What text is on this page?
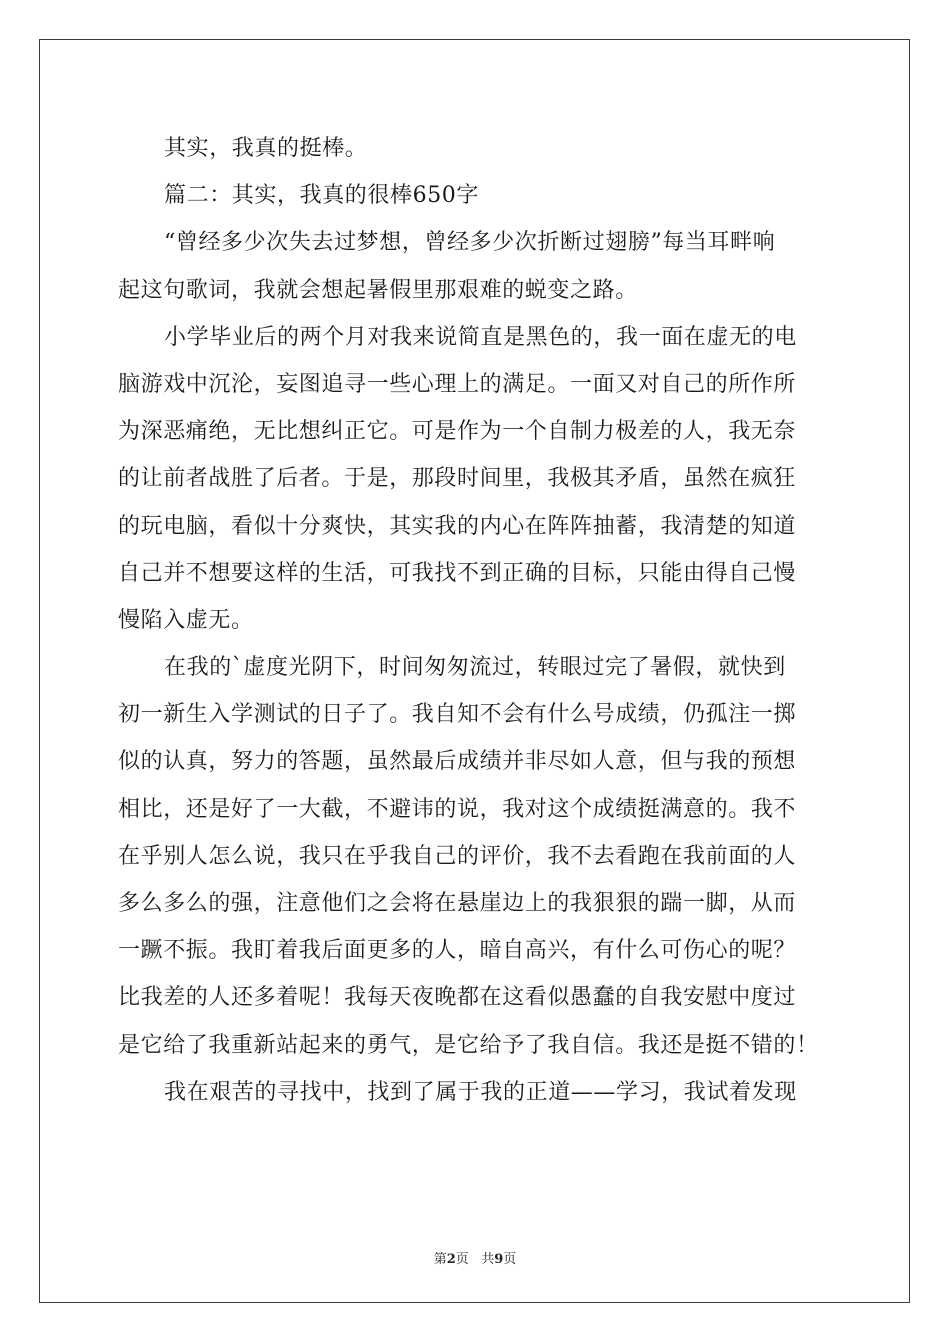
其实，我真的挺棒。
篇二：其实，我真的很棒650字
“曾经多少次失去过梦想，曾经多少次折断过翅膀”每当耳畔响
起这句歌词，我就会想起暑假里那艰难的蜕变之路。
小学毕业后的两个月对我来说简直是黑色的，我一面在虚无的电
脑游戏中沉沦，妄图追寻一些心理上的满足。一面又对自己的所作所
为深恶痛绝，无比想纠正它。可是作为一个自制力极差的人，我无奈
的让前者战胜了后者。于是，那段时间里，我极其矛盾，虽然在疯狂
的玩电脑，看似十分爽快，其实我的内心在阵阵抽蓄，我清楚的知道
自己并不想要这样的生活，可我找不到正确的目标，只能由得自己慢
慢陷入虚无。
在我的`虚度光阴下，时间匆匆流过，转眼过完了暑假，就快到
初一新生入学测试的日子了。我自知不会有什么号成绩，仍孤注一掷
似的认真，努力的答题，虽然最后成绩并非尽如人意，但与我的预想
相比，还是好了一大截，不避讳的说，我对这个成绩挺满意的。我不
在乎别人怎么说，我只在乎我自己的评价，我不去看跑在我前面的人
多么多么的强，注意他们之会将在悬崖边上的我狠狠的踹一脚，从而
一蹶不振。我盯着我后面更多的人，暗自高兴，有什么可伤心的呢？
比我差的人还多着呢！我每天夜晚都在这看似愚蠢的自我安慰中度过
是它给了我重新站起来的勇气，是它给予了我自信。我还是挺不错的！
我在艰苦的寻找中，找到了属于我的正道——学习，我试着发现
第2页 共9页
